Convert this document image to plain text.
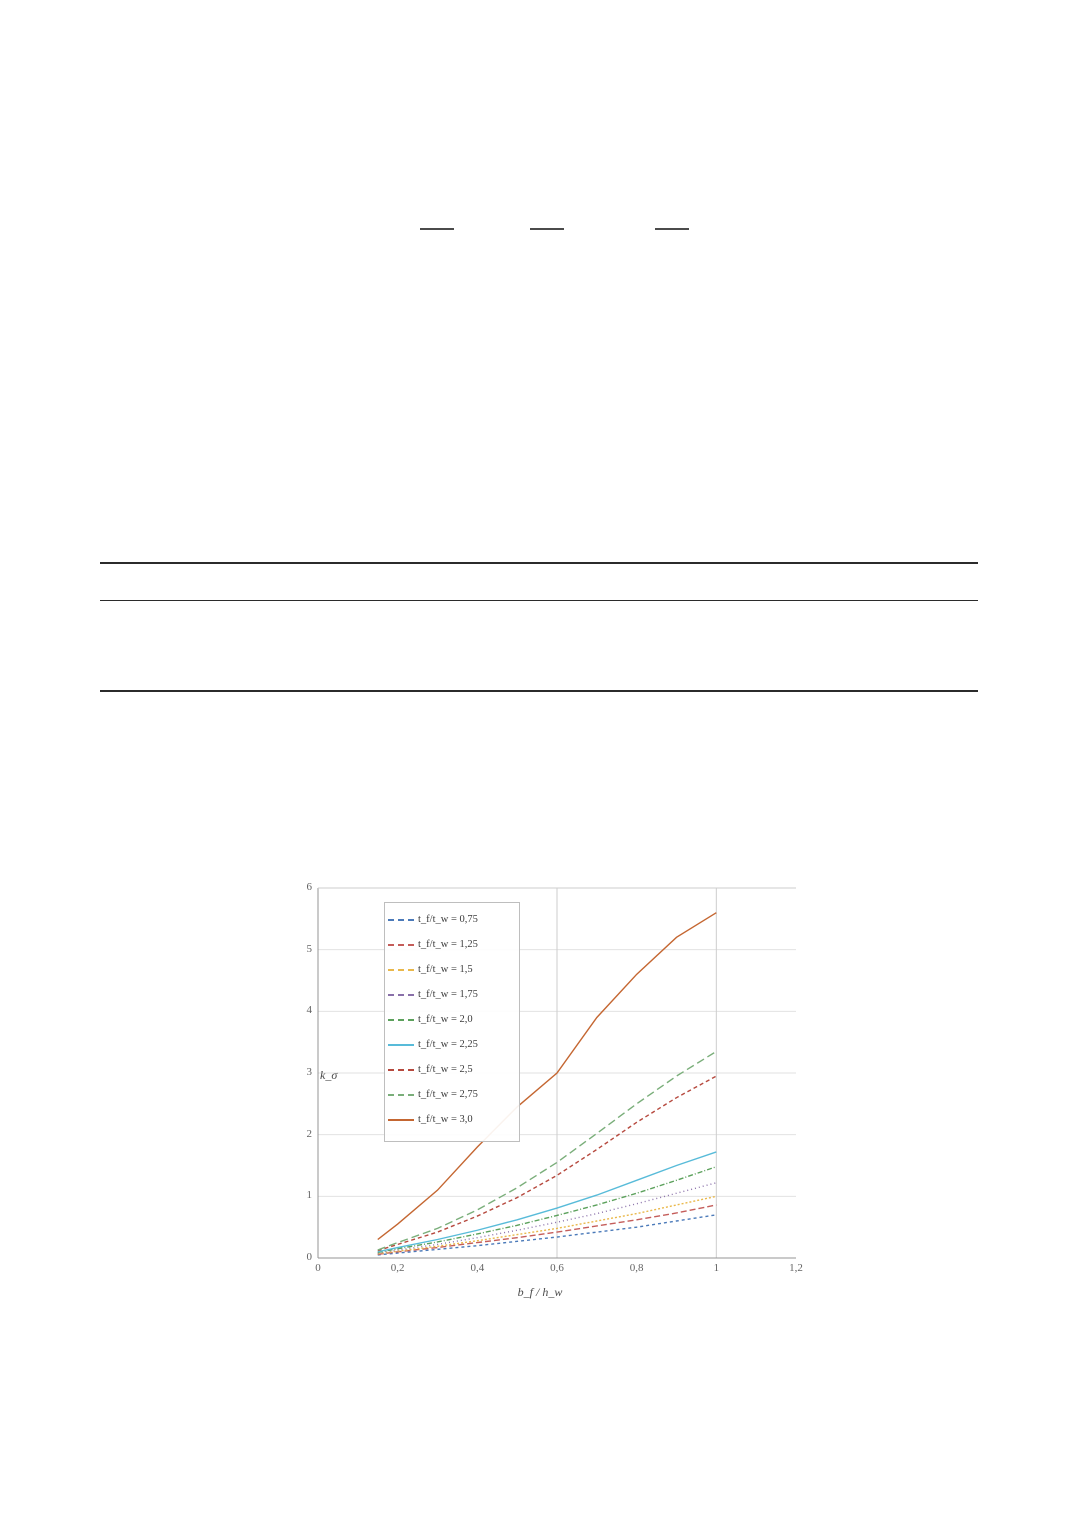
t_f/t_w = 0,75
t_f/t_w = 1,25
t_f/t_w = 1,5
t_f/t_w = 1,75
t_f/t_w = 2,0
t_f/t_w = 2,25
t_f/t_w = 2,5
t_f/t_w = 2,75
t_f/t_w = 3,0
k_σ
0
1
2
3
4
5
6
0	0,2	0,4	0,6	0,8	1	1,2
b_f / h_w
